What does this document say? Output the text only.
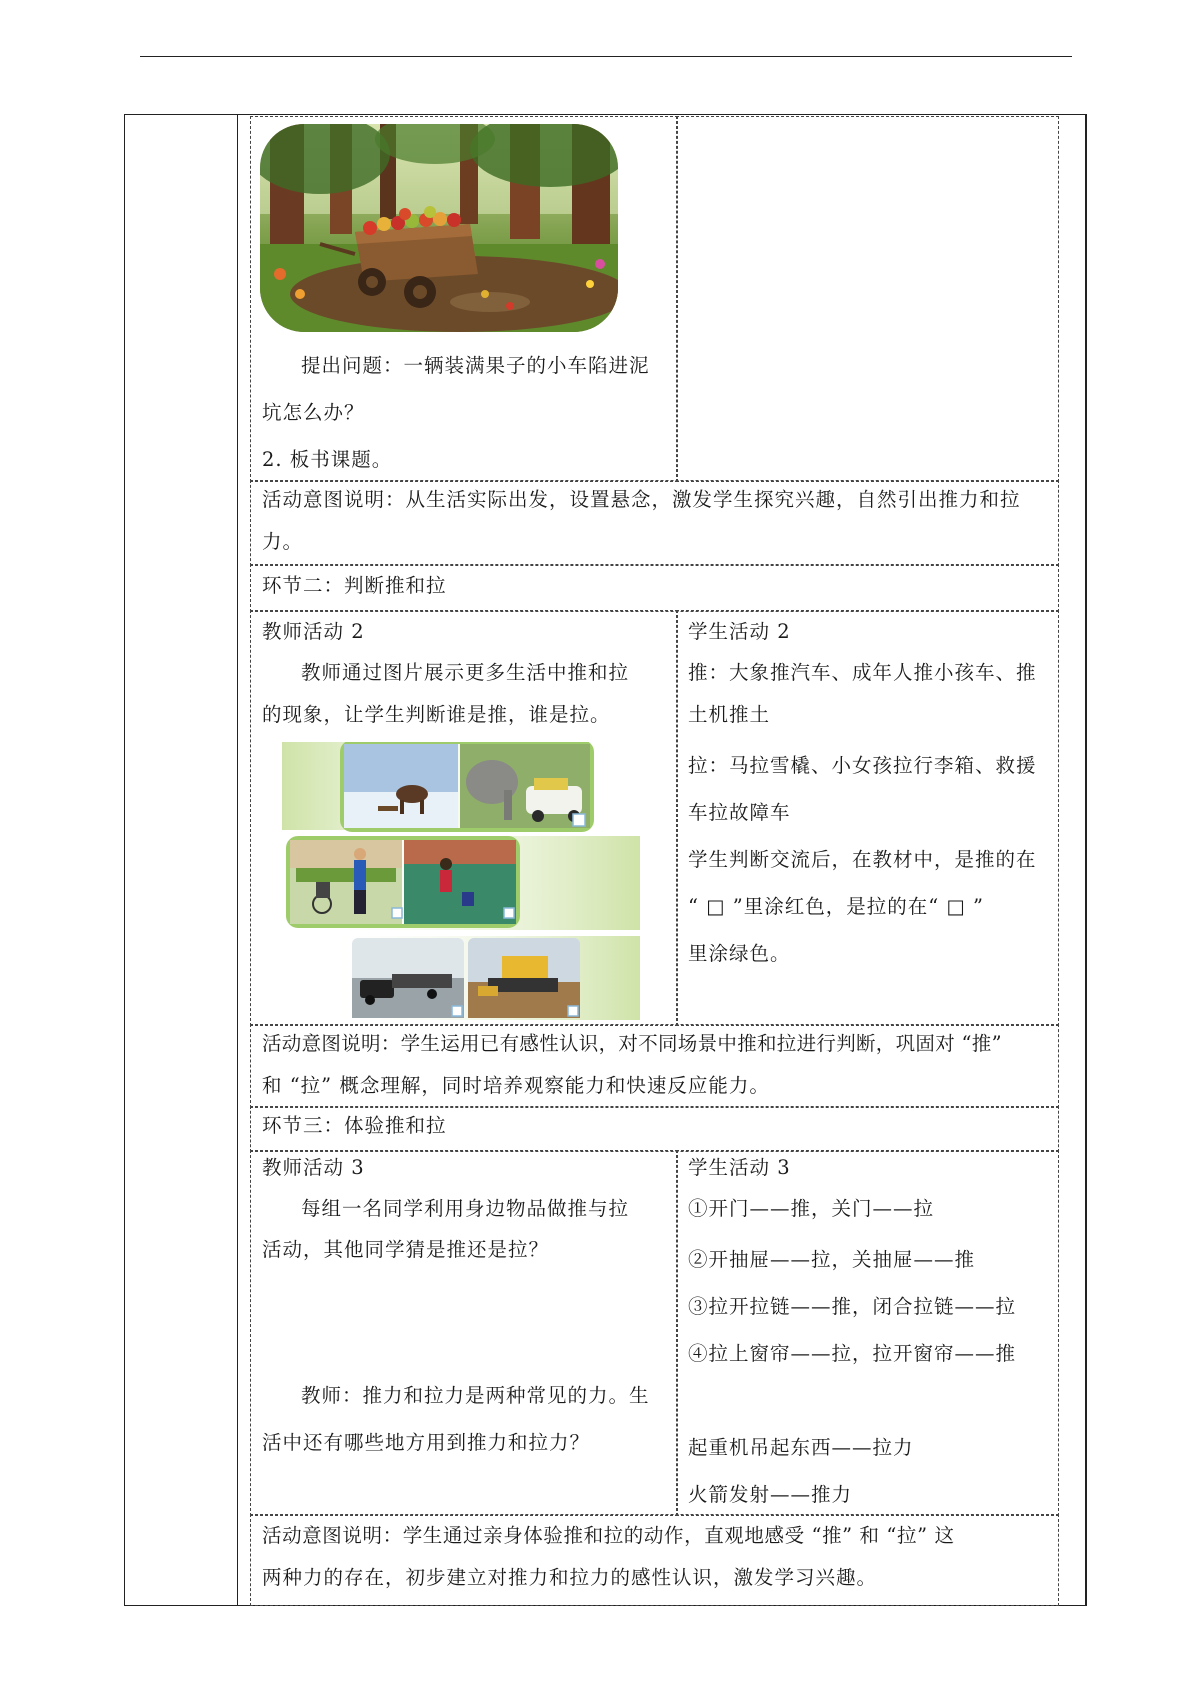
提出问题：一辆装满果子的小车陷进泥
坑怎么办？
2. 板书课题。
活动意图说明：从生活实际出发，设置悬念，激发学生探究兴趣，自然引出推力和拉
力。
环节二：判断推和拉
教师活动 2
教师通过图片展示更多生活中推和拉
的现象，让学生判断谁是推，谁是拉。
学生活动 2
推：大象推汽车、成年人推小孩车、推
土机推土
拉：马拉雪橇、小女孩拉行李箱、救援
车拉故障车
学生判断交流后，在教材中，是推的在
“ □ ”里涂红色，是拉的在“ □ ”
里涂绿色。
活动意图说明：学生运用已有感性认识，对不同场景中推和拉进行判断，巩固对 “推”
和 “拉” 概念理解，同时培养观察能力和快速反应能力。
环节三：体验推和拉
教师活动 3
每组一名同学利用身边物品做推与拉
活动，其他同学猜是推还是拉？
教师：推力和拉力是两种常见的力。生
活中还有哪些地方用到推力和拉力？
学生活动 3
①开门——推，关门——拉
②开抽屉——拉，关抽屉——推
③拉开拉链——推，闭合拉链——拉
④拉上窗帘——拉，拉开窗帘——推
起重机吊起东西——拉力
火箭发射——推力
活动意图说明：学生通过亲身体验推和拉的动作，直观地感受 “推” 和 “拉” 这
两种力的存在，初步建立对推力和拉力的感性认识，激发学习兴趣。
